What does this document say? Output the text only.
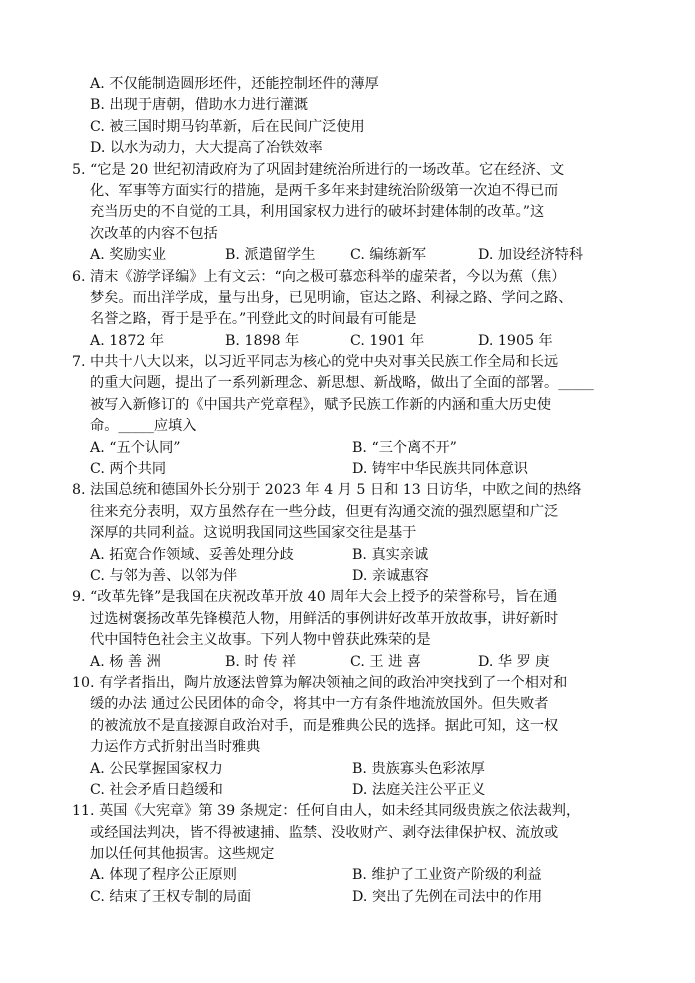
A. 不仅能制造圆形坯件，还能控制坯件的薄厚
B. 出现于唐朝，借助水力进行灌溉
C. 被三国时期马钧革新，后在民间广泛使用
D. 以水为动力，大大提高了冶铁效率
5. “它是 20 世纪初清政府为了巩固封建统治所进行的一场改革。它在经济、文
化、军事等方面实行的措施，是两千多年来封建统治阶级第一次迫不得已而
充当历史的不自觉的工具，利用国家权力进行的破坏封建体制的改革。”这
次改革的内容不包括
A. 奖励实业	B. 派遣留学生	C. 编练新军	D. 加设经济特科
6. 清末《游学译编》上有文云：“向之极可慕恋科举的虚荣者，今以为蕉（焦）
梦矣。而出洋学成，量与出身，已见明谕，宦达之路、利禄之路、学问之路、
名誉之路，胥于是乎在。”刊登此文的时间最有可能是
A. 1872 年	B. 1898 年	C. 1901 年	D. 1905 年
7. 中共十八大以来，以习近平同志为核心的党中央对事关民族工作全局和长远
的重大问题，提出了一系列新理念、新思想、新战略，做出了全面的部署。_____
被写入新修订的《中国共产党章程》，赋予民族工作新的内涵和重大历史使
命。_____应填入
A. “五个认同”	B. “三个离不开”
C. 两个共同	D. 铸牢中华民族共同体意识
8. 法国总统和德国外长分别于 2023 年 4 月 5 日和 13 日访华，中欧之间的热络
往来充分表明，双方虽然存在一些分歧，但更有沟通交流的强烈愿望和广泛
深厚的共同利益。这说明我国同这些国家交往是基于
A. 拓宽合作领域、妥善处理分歧	B. 真实亲诚
C. 与邻为善、以邻为伴	D. 亲诚惠容
9. “改革先锋”是我国在庆祝改革开放 40 周年大会上授予的荣誉称号，旨在通
过选树褒扬改革先锋模范人物，用鲜活的事例讲好改革开放故事，讲好新时
代中国特色社会主义故事。下列人物中曾获此殊荣的是
A. 杨 善 洲	B. 时 传 祥	C. 王 进 喜	D. 华 罗 庚
10. 有学者指出，陶片放逐法曾算为解决领袖之间的政治冲突找到了一个相对和
缓的办法 通过公民团体的命令，将其中一方有条件地流放国外。但失败者
的被流放不是直接源自政治对手，而是雅典公民的选择。据此可知，这一权
力运作方式折射出当时雅典
A. 公民掌握国家权力	B. 贵族寡头色彩浓厚
C. 社会矛盾日趋缓和	D. 法庭关注公平正义
11. 英国《大宪章》第 39 条规定：任何自由人，如未经其同级贵族之依法裁判，
或经国法判决，皆不得被逮捕、监禁、没收财产、剥夺法律保护权、流放或
加以任何其他损害。这些规定
A. 体现了程序公正原则	B. 维护了工业资产阶级的利益
C. 结束了王权专制的局面	D. 突出了先例在司法中的作用
